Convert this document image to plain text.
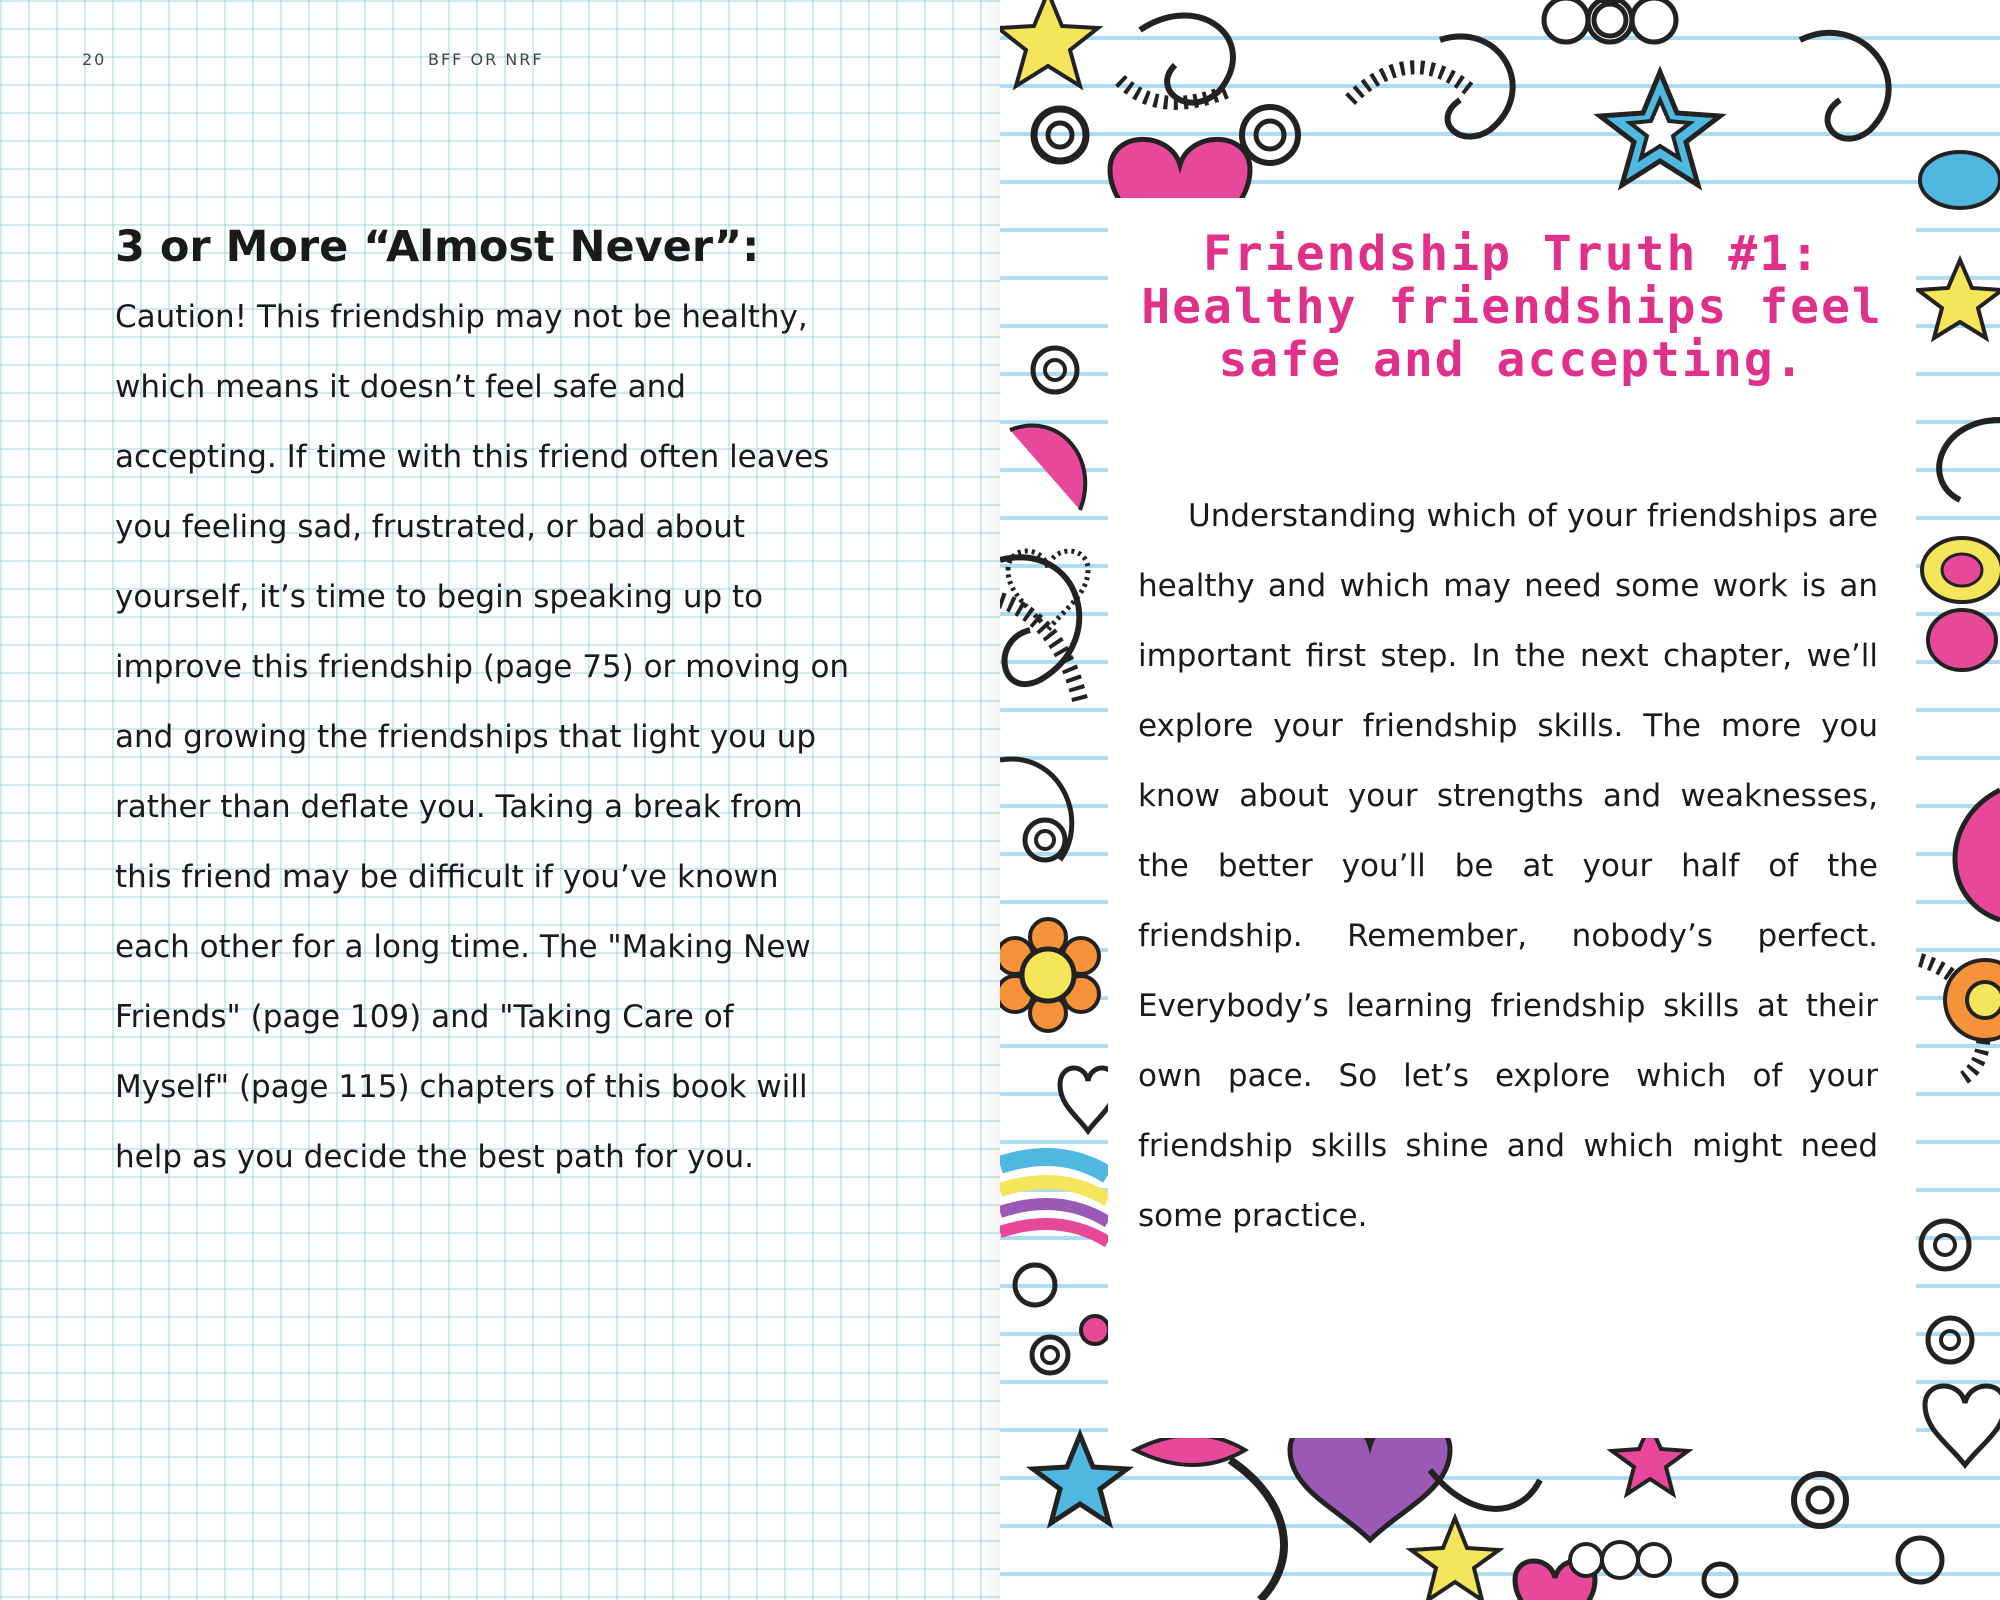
20	BFF OR NRF
3 or More “Almost Never”:

Caution! This friendship may not be healthy, which means it doesn’t feel safe and accepting. If time with this friend often leaves you feeling sad, frustrated, or bad about yourself, it’s time to begin speaking up to improve this friendship (page 75) or moving on and growing the friendships that light you up rather than deflate you. Taking a break from this friend may be difficult if you’ve known each other for a long time. The "Making New Friends" (page 109) and "Taking Care of Myself" (page 115) chapters of this book will help as you decide the best path for you.

Friendship Truth #1:
Healthy friendships feel
safe and accepting.

Understanding which of your friendships are healthy and which may need some work is an important first step. In the next chapter, we’ll explore your friendship skills. The more you know about your strengths and weaknesses, the better you’ll be at your half of the friendship. Remember, nobody’s perfect. Everybody’s learning friendship skills at their own pace. So let’s explore which of your friendship skills shine and which might need some practice.
